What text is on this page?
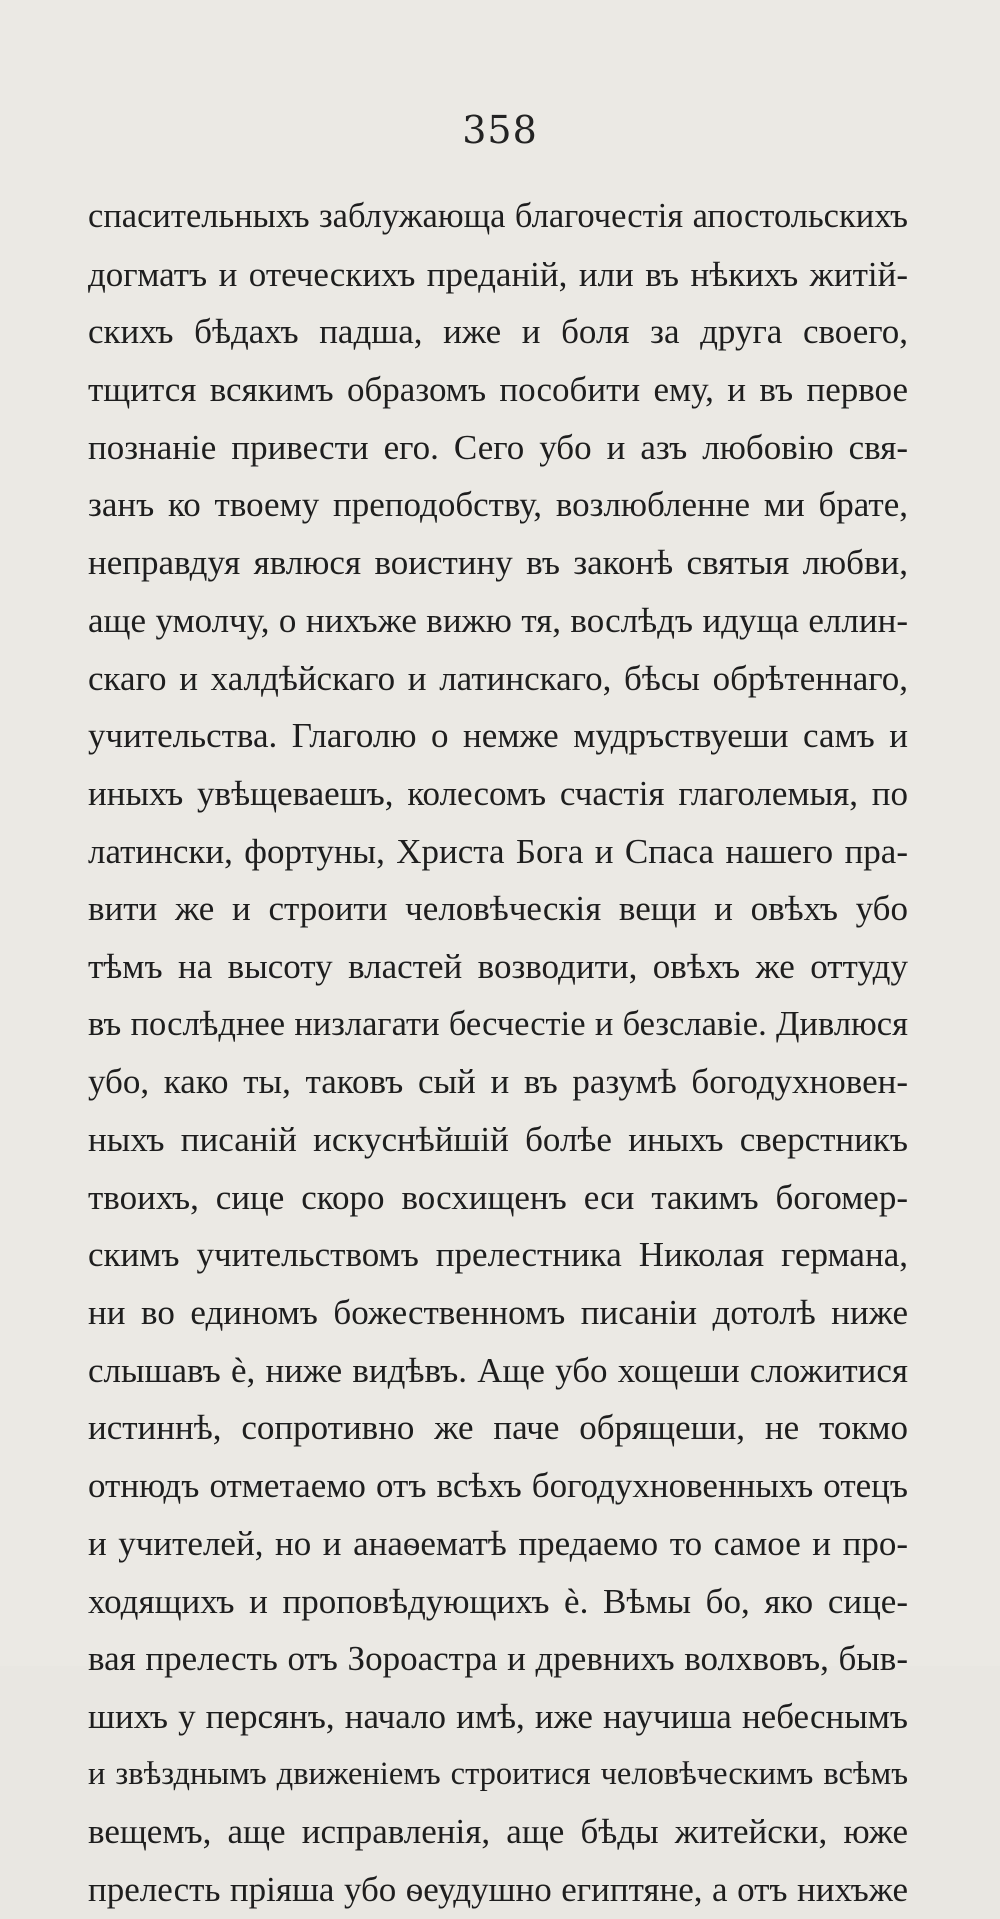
358
спасительныхъ заблужающа благочестія апостольскихъ
догматъ и отеческихъ преданій, или въ нѣкихъ житій-
скихъ бѣдахъ падша, иже и боля за друга своего,
тщится всякимъ образомъ пособити ему, и въ первое
познаніе привести его. Сего убо и азъ любовію свя-
занъ ко твоему преподобству, возлюбленне ми брате,
неправдуя явлюся воистину въ законѣ святыя любви,
аще умолчу, о нихъже вижю тя, вослѣдъ идуща еллин-
скаго и халдѣйскаго и латинскаго, бѣсы обрѣтеннаго,
учительства. Глаголю о немже мудръствуеши самъ и
иныхъ увѣщеваешъ, колесомъ счастія глаголемыя, по
латински, фортуны, Христа Бога и Спаса нашего пра-
вити же и строити человѣческія вещи и овѣхъ убо
тѣмъ на высоту властей возводити, овѣхъ же оттуду
въ послѣднее низлагати бесчестіе и безславіе. Дивлюся
убо, како ты, таковъ сый и въ разумѣ богодухновен-
ныхъ писаній искуснѣйшій болѣе иныхъ сверстникъ
твоихъ, сице скоро восхищенъ еси такимъ богомер-
скимъ учительствомъ прелестника Николая германа,
ни во единомъ божественномъ писаніи дотолѣ ниже
слышавъ è, ниже видѣвъ. Аще убо хощеши сложитися
истиннѣ, сопротивно же паче обрящеши, не токмо
отнюдъ отметаемо отъ всѣхъ богодухновенныхъ отецъ
и учителей, но и анаѳематѣ предаемо то самое и про-
ходящихъ и проповѣдующихъ è. Вѣмы бо, яко сице-
вая прелесть отъ Зороастра и древнихъ волхвовъ, быв-
шихъ у персянъ, начало имѣ, иже научиша небеснымъ
и звѣзднымъ движеніемъ строитися человѣческимъ всѣмъ
вещемъ, аще исправленія, аще бѣды житейски, юже
прелесть пріяша убо ѳеудушно египтяне, а отъ нихъже
